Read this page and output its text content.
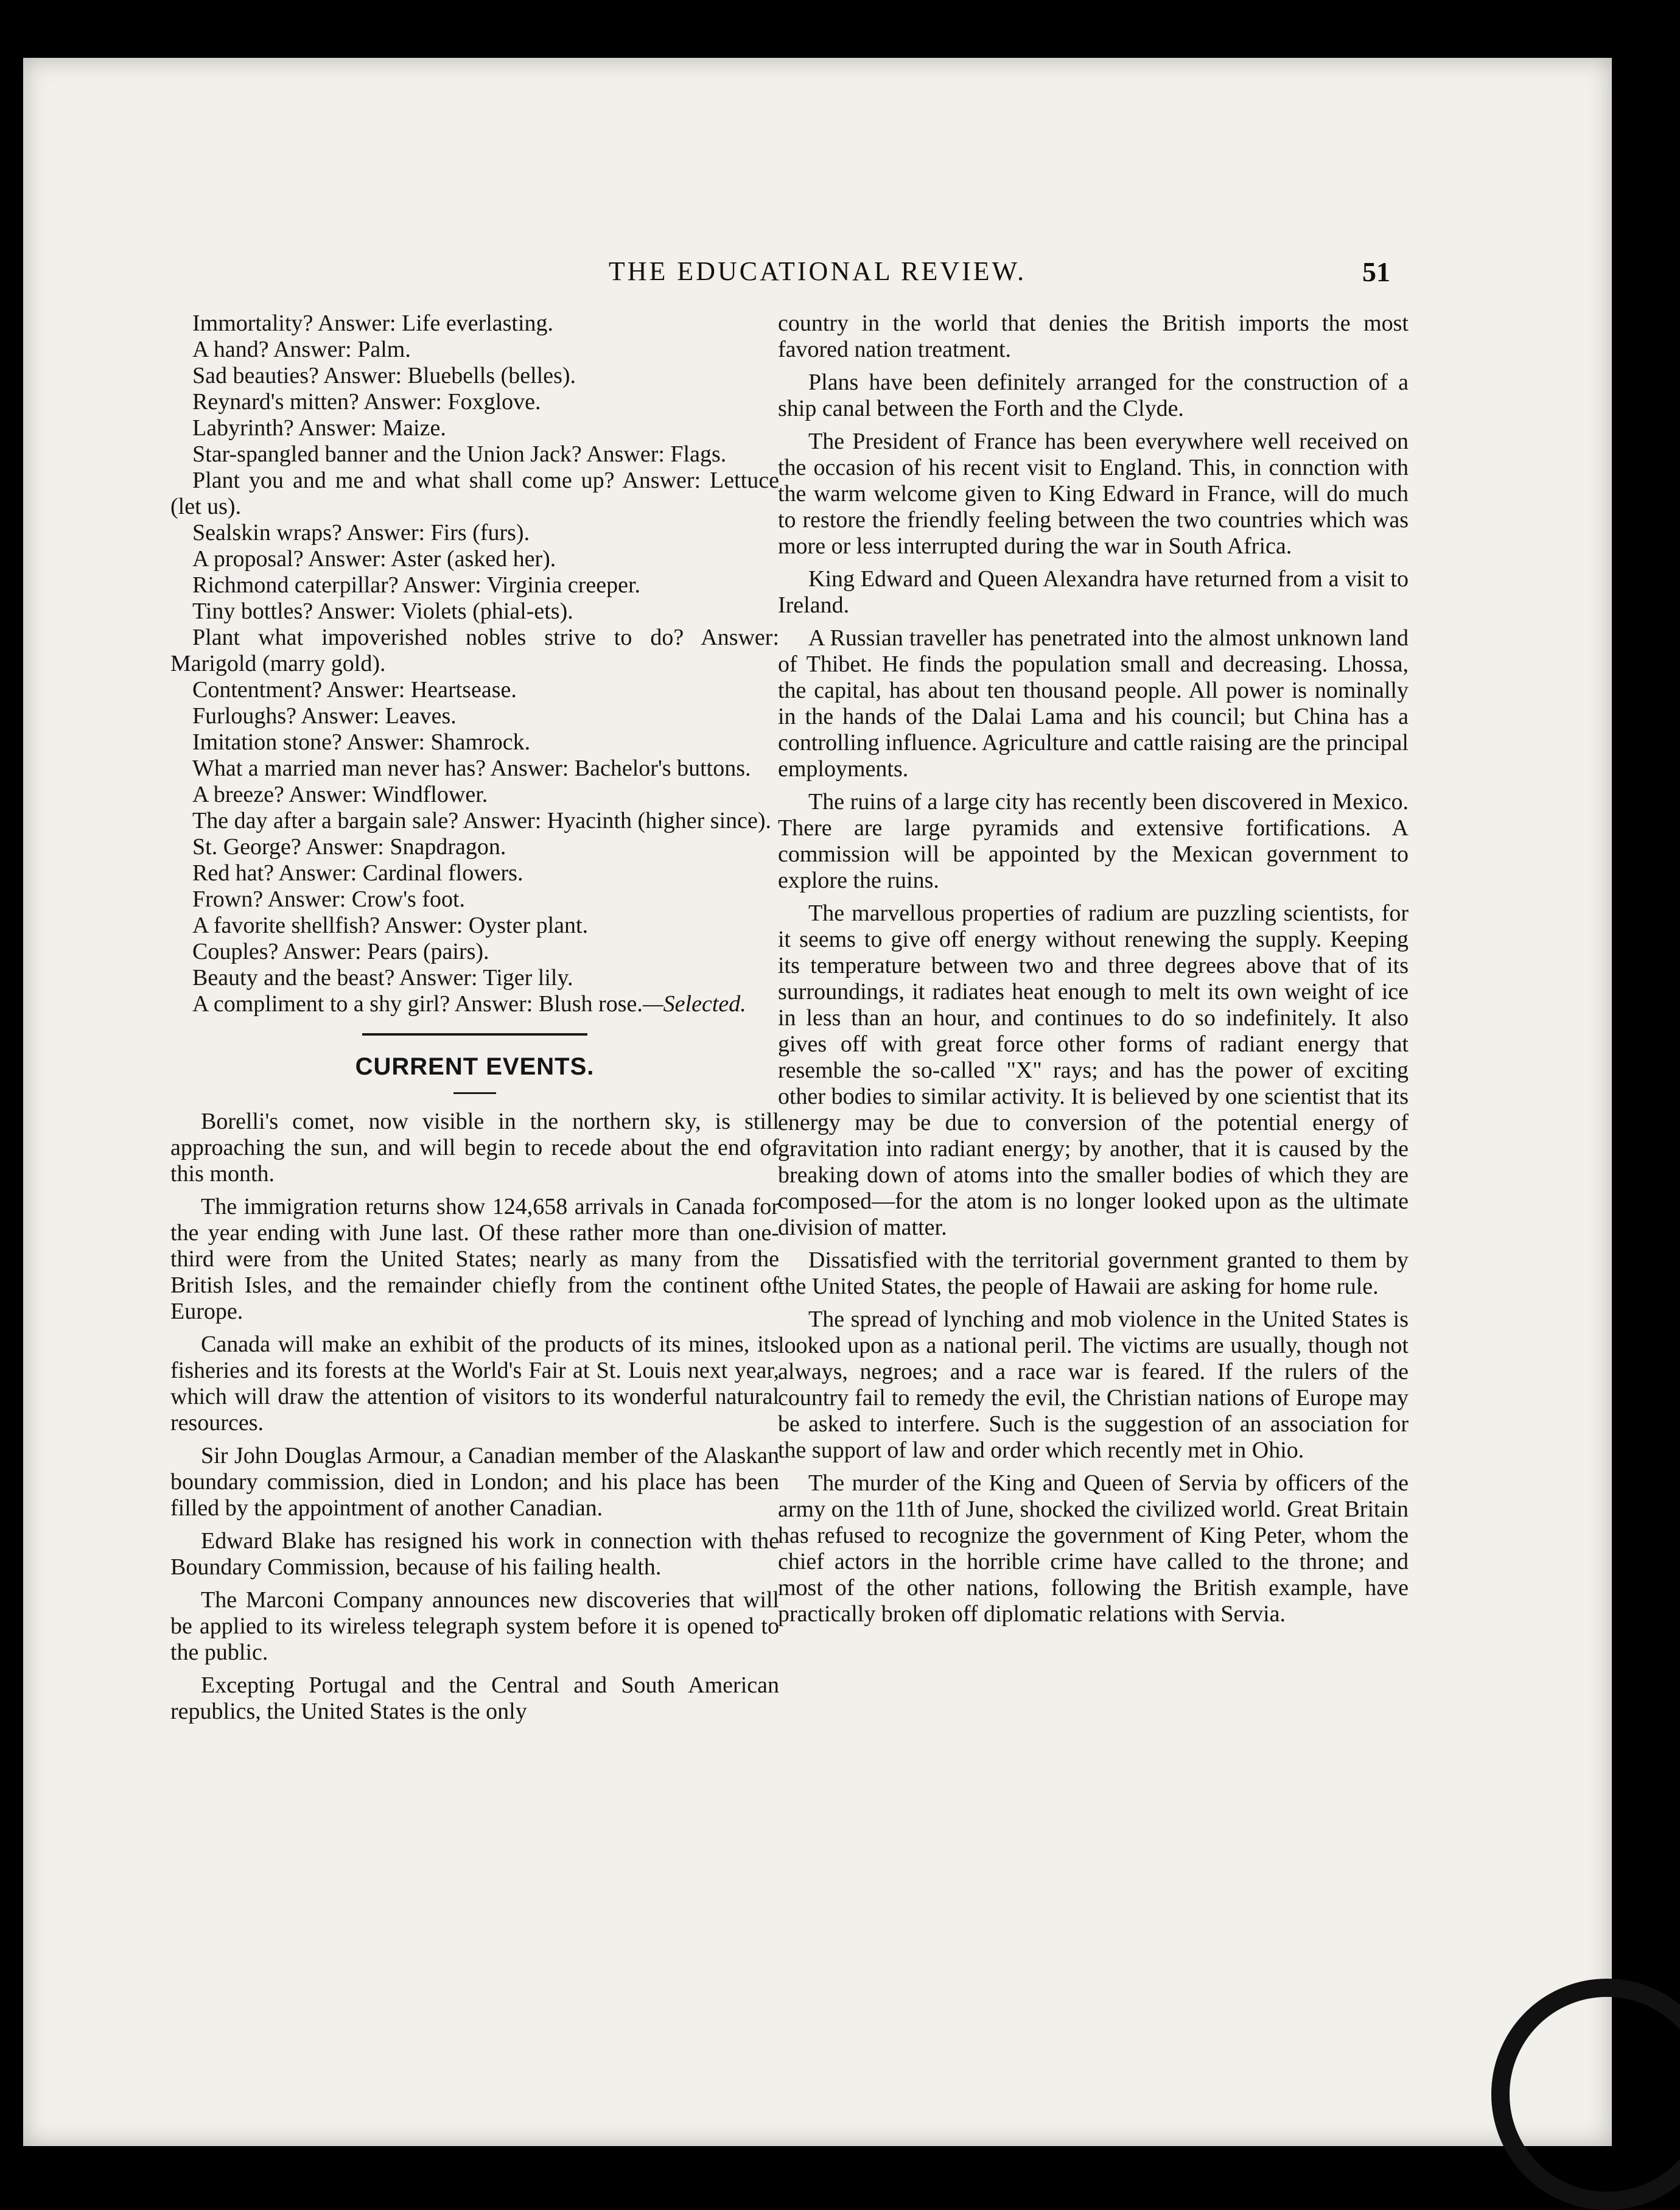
THE EDUCATIONAL REVIEW.	51

Immortality? Answer: Life everlasting.

A hand? Answer: Palm.

Sad beauties? Answer: Bluebells (belles).

Reynard's mitten? Answer: Foxglove.

Labyrinth? Answer: Maize.

Star-spangled banner and the Union Jack? Answer: Flags.

Plant you and me and what shall come up? Answer: Lettuce (let us).

Sealskin wraps? Answer: Firs (furs).

A proposal? Answer: Aster (asked her).

Richmond caterpillar? Answer: Virginia creeper.

Tiny bottles? Answer: Violets (phial-ets).

Plant what impoverished nobles strive to do? Answer: Marigold (marry gold).

Contentment? Answer: Heartsease.

Furloughs? Answer: Leaves.

Imitation stone? Answer: Shamrock.

What a married man never has? Answer: Bachelor's buttons.

A breeze? Answer: Windflower.

The day after a bargain sale? Answer: Hyacinth (higher since).

St. George? Answer: Snapdragon.

Red hat? Answer: Cardinal flowers.

Frown? Answer: Crow's foot.

A favorite shellfish? Answer: Oyster plant.

Couples? Answer: Pears (pairs).

Beauty and the beast? Answer: Tiger lily.

A compliment to a shy girl? Answer: Blush rose.—Selected.

CURRENT EVENTS.

Borelli's comet, now visible in the northern sky, is still approaching the sun, and will begin to recede about the end of this month.

The immigration returns show 124,658 arrivals in Canada for the year ending with June last. Of these rather more than one-third were from the United States; nearly as many from the British Isles, and the remainder chiefly from the continent of Europe.

Canada will make an exhibit of the products of its mines, its fisheries and its forests at the World's Fair at St. Louis next year, which will draw the attention of visitors to its wonderful natural resources.

Sir John Douglas Armour, a Canadian member of the Alaskan boundary commission, died in London; and his place has been filled by the appointment of another Canadian.

Edward Blake has resigned his work in connection with the Boundary Commission, because of his failing health.

The Marconi Company announces new discoveries that will be applied to its wireless telegraph system before it is opened to the public.

Excepting Portugal and the Central and South American republics, the United States is the only

country in the world that denies the British imports the most favored nation treatment.

Plans have been definitely arranged for the construction of a ship canal between the Forth and the Clyde.

The President of France has been everywhere well received on the occasion of his recent visit to England. This, in connction with the warm welcome given to King Edward in France, will do much to restore the friendly feeling between the two countries which was more or less interrupted during the war in South Africa.

King Edward and Queen Alexandra have returned from a visit to Ireland.

A Russian traveller has penetrated into the almost unknown land of Thibet. He finds the population small and decreasing. Lhossa, the capital, has about ten thousand people. All power is nominally in the hands of the Dalai Lama and his council; but China has a controlling influence. Agriculture and cattle raising are the principal employments.

The ruins of a large city has recently been discovered in Mexico. There are large pyramids and extensive fortifications. A commission will be appointed by the Mexican government to explore the ruins.

The marvellous properties of radium are puzzling scientists, for it seems to give off energy without renewing the supply. Keeping its temperature between two and three degrees above that of its surroundings, it radiates heat enough to melt its own weight of ice in less than an hour, and continues to do so indefinitely. It also gives off with great force other forms of radiant energy that resemble the so-called "X" rays; and has the power of exciting other bodies to similar activity. It is believed by one scientist that its energy may be due to conversion of the potential energy of gravitation into radiant energy; by another, that it is caused by the breaking down of atoms into the smaller bodies of which they are composed—for the atom is no longer looked upon as the ultimate division of matter.

Dissatisfied with the territorial government granted to them by the United States, the people of Hawaii are asking for home rule.

The spread of lynching and mob violence in the United States is looked upon as a national peril. The victims are usually, though not always, negroes; and a race war is feared. If the rulers of the country fail to remedy the evil, the Christian nations of Europe may be asked to interfere. Such is the suggestion of an association for the support of law and order which recently met in Ohio.

The murder of the King and Queen of Servia by officers of the army on the 11th of June, shocked the civilized world. Great Britain has refused to recognize the government of King Peter, whom the chief actors in the horrible crime have called to the throne; and most of the other nations, following the British example, have practically broken off diplomatic relations with Servia.
